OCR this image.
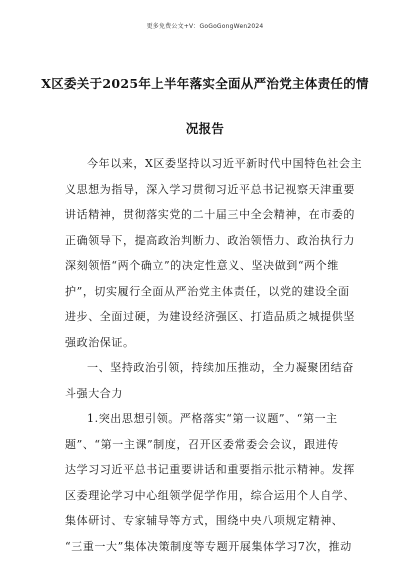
更多免费公文+V：GoGoGongWen2024
X区委关于2025年上半年落实全面从严治党主体责任的情
况报告
今年以来，X区委坚持以习近平新时代中国特色社会主
义思想为指导，深入学习贯彻习近平总书记视察天津重要
讲话精神，贯彻落实党的二十届三中全会精神，在市委的
正确领导下，提高政治判断力、政治领悟力、政治执行力
深刻领悟“两个确立”的决定性意义、坚决做到“两个维
护”，切实履行全面从严治党主体责任，以党的建设全面
进步、全面过硬，为建设经济强区、打造品质之城提供坚
强政治保证。
一、坚持政治引领，持续加压推动，全力凝聚团结奋
斗强大合力
1.突出思想引领。严格落实“第一议题”、“第一主
题”、“第一主课”制度，召开区委常委会会议，跟进传
达学习习近平总书记重要讲话和重要指示批示精神。发挥
区委理论学习中心组领学促学作用，综合运用个人自学、
集体研讨、专家辅导等方式，围绕中央八项规定精神、
“三重一大”集体决策制度等专题开展集体学习7次，推动
